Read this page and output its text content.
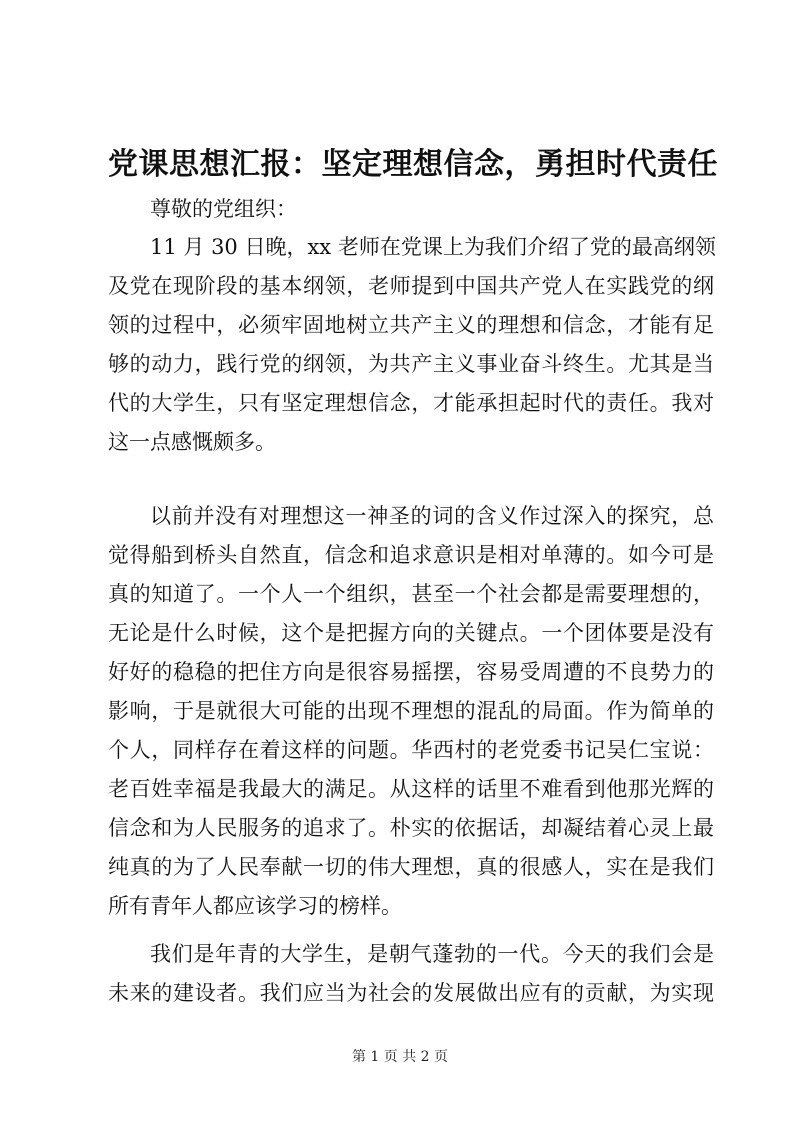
党课思想汇报：坚定理想信念，勇担时代责任
尊敬的党组织：
11 月 30 日晚，xx 老师在党课上为我们介绍了党的最高纲领
及党在现阶段的基本纲领，老师提到中国共产党人在实践党的纲
领的过程中，必须牢固地树立共产主义的理想和信念，才能有足
够的动力，践行党的纲领，为共产主义事业奋斗终生。尤其是当
代的大学生，只有坚定理想信念，才能承担起时代的责任。我对
这一点感慨颇多。
以前并没有对理想这一神圣的词的含义作过深入的探究，总
觉得船到桥头自然直，信念和追求意识是相对单薄的。如今可是
真的知道了。一个人一个组织，甚至一个社会都是需要理想的，
无论是什么时候，这个是把握方向的关键点。一个团体要是没有
好好的稳稳的把住方向是很容易摇摆，容易受周遭的不良势力的
影响，于是就很大可能的出现不理想的混乱的局面。作为简单的
个人，同样存在着这样的问题。华西村的老党委书记吴仁宝说：
老百姓幸福是我最大的满足。从这样的话里不难看到他那光辉的
信念和为人民服务的追求了。朴实的依据话，却凝结着心灵上最
纯真的为了人民奉献一切的伟大理想，真的很感人，实在是我们
所有青年人都应该学习的榜样。
我们是年青的大学生，是朝气蓬勃的一代。今天的我们会是
未来的建设者。我们应当为社会的发展做出应有的贡献，为实现
第 1 页 共 2 页
